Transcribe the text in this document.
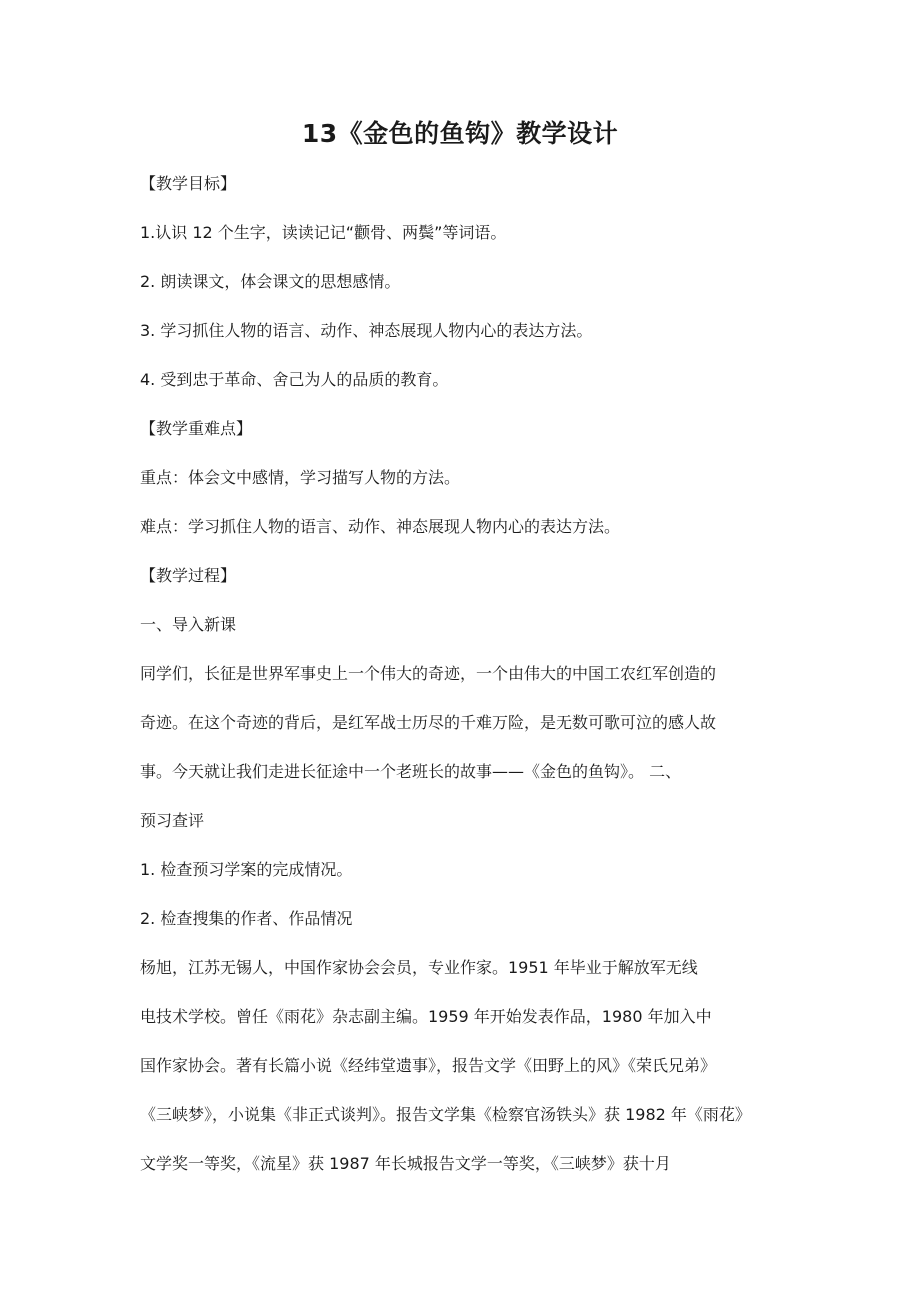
13《金色的鱼钩》教学设计
【教学目标】
1.认识 12 个生字，读读记记“颧骨、两鬓”等词语。
2. 朗读课文，体会课文的思想感情。
3. 学习抓住人物的语言、动作、神态展现人物内心的表达方法。
4. 受到忠于革命、舍己为人的品质的教育。
【教学重难点】
重点：体会文中感情，学习描写人物的方法。
难点：学习抓住人物的语言、动作、神态展现人物内心的表达方法。
【教学过程】
一、导入新课
同学们，长征是世界军事史上一个伟大的奇迹，一个由伟大的中国工农红军创造的
奇迹。在这个奇迹的背后，是红军战士历尽的千难万险，是无数可歌可泣的感人故
事。今天就让我们走进长征途中一个老班长的故事——《金色的鱼钩》。 二、
预习查评
1. 检查预习学案的完成情况。
2. 检查搜集的作者、作品情况
杨旭，江苏无锡人，中国作家协会会员，专业作家。1951 年毕业于解放军无线
电技术学校。曾任《雨花》杂志副主编。1959 年开始发表作品，1980 年加入中
国作家协会。著有长篇小说《经纬堂遗事》，报告文学《田野上的风》《荣氏兄弟》
《三峡梦》，小说集《非正式谈判》。报告文学集《检察官汤铁头》获 1982 年《雨花》
文学奖一等奖，《流星》获 1987 年长城报告文学一等奖，《三峡梦》获十月
